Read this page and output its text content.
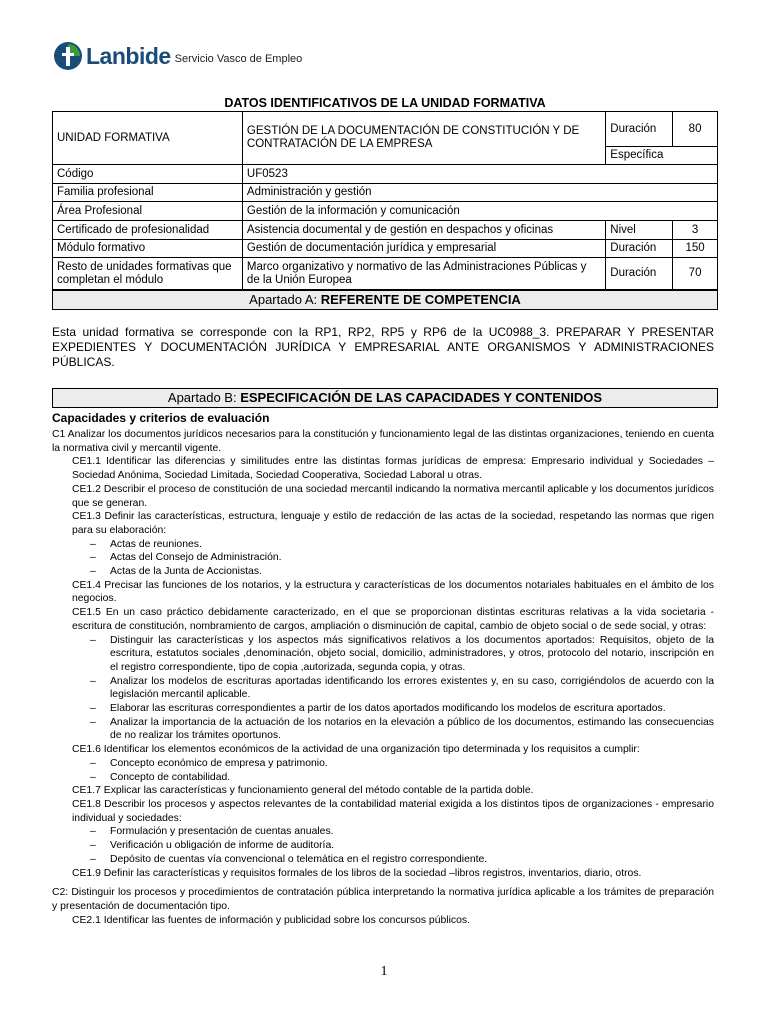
Lanbide Servicio Vasco de Empleo
DATOS IDENTIFICATIVOS DE LA UNIDAD FORMATIVA
UNIDAD FORMATIVA	GESTIÓN DE LA DOCUMENTACIÓN DE CONSTITUCIÓN Y DE CONTRATACIÓN DE LA EMPRESA	Duración	80
		Específica	
Código	UF0523		
Familia profesional	Administración y gestión		
Área Profesional	Gestión de la información y comunicación		
Certificado de profesionalidad	Asistencia documental y de gestión en despachos y oficinas	Nivel	3
Módulo formativo	Gestión de documentación jurídica y empresarial	Duración	150
Resto de unidades formativas que completan el módulo	Marco organizativo y normativo de las Administraciones Públicas y de la Unión Europea	Duración	70
Apartado A: REFERENTE DE COMPETENCIA
Esta unidad formativa se corresponde con la RP1, RP2, RP5 y RP6 de la UC0988_3. PREPARAR Y PRESENTAR EXPEDIENTES Y DOCUMENTACIÓN JURÍDICA Y EMPRESARIAL ANTE ORGANISMOS Y ADMINISTRACIONES PÚBLICAS.
Apartado B: ESPECIFICACIÓN DE LAS CAPACIDADES Y CONTENIDOS
Capacidades y criterios de evaluación

C1 Analizar los documentos jurídicos necesarios para la constitución y funcionamiento legal de las distintas organizaciones, teniendo en cuenta la normativa civil y mercantil vigente.

CE1.1 Identificar las diferencias y similitudes entre las distintas formas jurídicas de empresa: Empresario individual y Sociedades – Sociedad Anónima, Sociedad Limitada, Sociedad Cooperativa, Sociedad Laboral u otras.

CE1.2 Describir el proceso de constitución de una sociedad mercantil indicando la normativa mercantil aplicable y los documentos jurídicos que se generan.

CE1.3 Definir las características, estructura, lenguaje y estilo de redacción de las actas de la sociedad, respetando las normas que rigen para su elaboración:

– Actas de reuniones.

– Actas del Consejo de Administración.

– Actas de la Junta de Accionistas.

CE1.4 Precisar las funciones de los notarios, y la estructura y características de los documentos notariales habituales en el ámbito de los negocios.

CE1.5 En un caso práctico debidamente caracterizado, en el que se proporcionan distintas escrituras relativas a la vida societaria - escritura de constitución, nombramiento de cargos, ampliación o disminución de capital, cambio de objeto social o de sede social, y otras:

– Distinguir las características y los aspectos más significativos relativos a los documentos aportados: Requisitos, objeto de la escritura, estatutos sociales ,denominación, objeto social, domicilio, administradores, y otros, protocolo del notario, inscripción en el registro correspondiente, tipo de copia ,autorizada, segunda copia, y otras.

– Analizar los modelos de escrituras aportadas identificando los errores existentes y, en su caso, corrigiéndolos de acuerdo con la legislación mercantil aplicable.

– Elaborar las escrituras correspondientes a partir de los datos aportados modificando los modelos de escritura aportados.

– Analizar la importancia de la actuación de los notarios en la elevación a público de los documentos, estimando las consecuencias de no realizar los trámites oportunos.

CE1.6 Identificar los elementos económicos de la actividad de una organización tipo determinada y los requisitos a cumplir:

– Concepto económico de empresa y patrimonio.

– Concepto de contabilidad.

CE1.7 Explicar las características y funcionamiento general del método contable de la partida doble.

CE1.8 Describir los procesos y aspectos relevantes de la contabilidad material exigida a los distintos tipos de organizaciones - empresario individual y sociedades:

– Formulación y presentación de cuentas anuales.

– Verificación u obligación de informe de auditoría.

– Depósito de cuentas vía convencional o telemática en el registro correspondiente.

CE1.9 Definir las características y requisitos formales de los libros de la sociedad –libros registros, inventarios, diario, otros.

C2: Distinguir los procesos y procedimientos de contratación pública interpretando la normativa jurídica aplicable a los trámites de preparación y presentación de documentación tipo.

CE2.1 Identificar las fuentes de información y publicidad sobre los concursos públicos.

1
